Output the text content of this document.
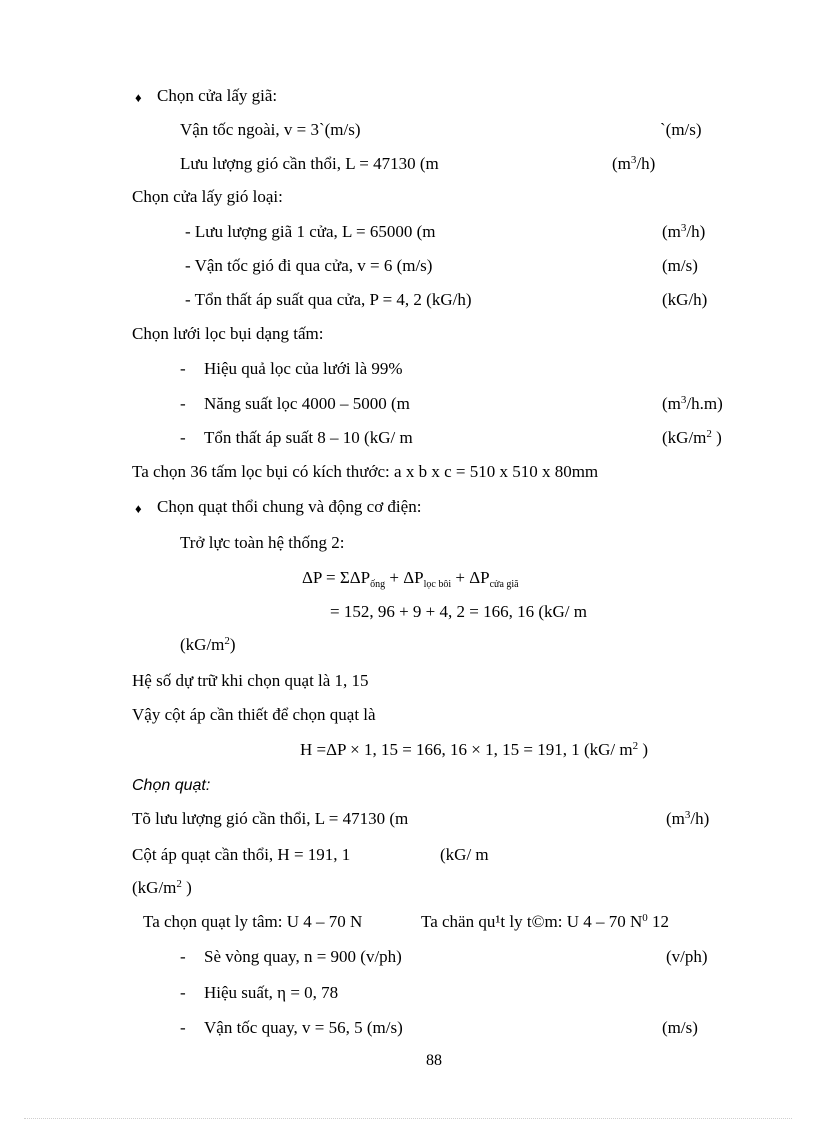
♦ Chọn cửa lấy giã:
Vận tốc ngoài, v = 3`(m/s)	`(m/s)
Lưu lượng gió cần thổi, L = 47130 (m	$(m^3/h)$
Chọn cửa lấy gió loại:
- Lưu lượng giã 1 cửa, L = 65000 (m	$(m^3/h)$
- Vận tốc gió đi qua cửa, v = 6 (m/s)	(m/s)
- Tổn thất áp suất qua cửa, P = 4, 2 (kG/h)	(kG/h)
Chọn lưới lọc bụi dạng tấm:
- Hiệu quả lọc của lưới là 99%
- Năng suất lọc 4000 – 5000 (m	$(m^3/h.m)$
- Tổn thất áp suất 8 – 10 (kG/ m	($kG/m^2$ )
Ta chọn 36 tấm lọc bụi có kích thước: a x b x c = 510 x 510 x 80mm
♦ Chọn quạt thổi chung và động cơ điện:
Trở lực toàn hệ thống 2:
$\Delta P = \Sigma\Delta P_{ống} + \Delta P_{lọc bôi} + \Delta P_{cửa giã}$
= 152, 96 + 9 + 4, 2 = 166, 16 (kG/ m
$(kG/m^2)$
Hệ số dự trữ khi chọn quạt là 1, 15
Vậy cột áp cần thiết để chọn quạt là
H =ΔP × 1, 15 = 166, 16 × 1, 15 = 191, 1 (kG/ $m^2$ )
Chọn quạt:
Tõ lưu lượng gió cần thổi, L = 47130 (m	$(m^3/h)$
Cột áp quạt cần thổi, H = 191, 1	(kG/ m
($kG/m^2$ )
Ta chọn quạt ly tâm: U 4 – 70 N	Ta chän qu¹t ly t©m: U 4 – 70 $N^0$ 12
- Sè vòng quay, n = 900 (v/ph)	(v/ph)
- Hiệu suất, η = 0, 78
- Vận tốc quay, v = 56, 5 (m/s)	(m/s)
88
